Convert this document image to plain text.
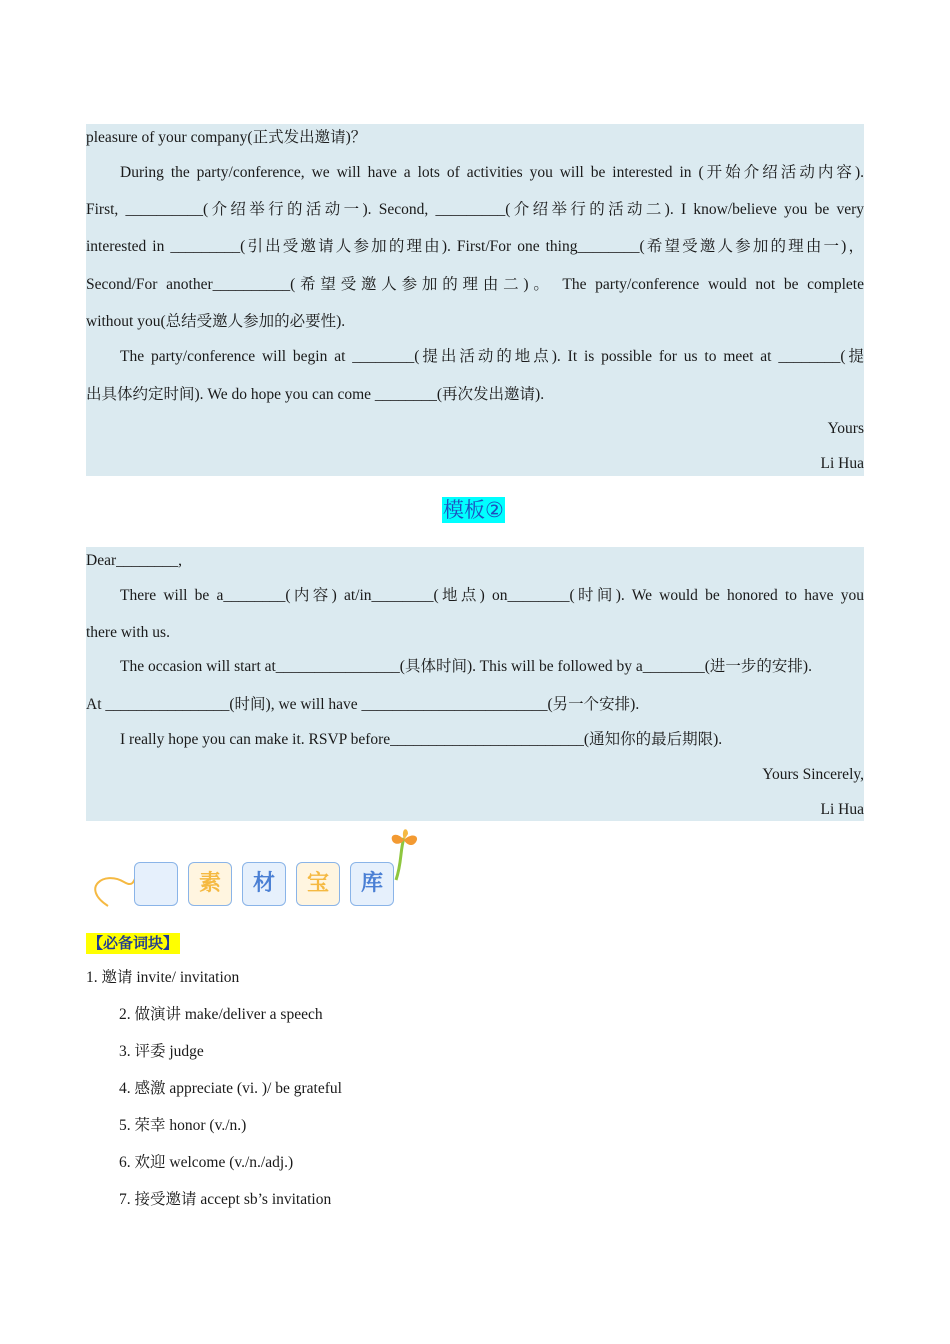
pleasure of your company(正式发出邀请)？
During the party/conference, we will have a lots of activities you will be interested in (开始介绍活动内容).
First, __________(介绍举行的活动一). Second, _________(介绍举行的活动二). I know/believe you be very
interested in _________(引出受邀请人参加的理由). First/For one thing________(希望受邀人参加的理由一)，
Second/For another__________(希望受邀人参加的理由二)。 The party/conference would not be complete
without you(总结受邀人参加的必要性).
The party/conference will begin at ________(提出活动的地点). It is possible for us to meet at ________(提
出具体约定时间). We do hope you can come ________(再次发出邀请).
Yours
Li Hua
模板②
Dear________,
There will be a________(内容) at/in________(地点) on________(时间). We would be honored to have you
there with us.
The occasion will start at________________(具体时间). This will be followed by a________(进一步的安排).
At ________________(时间), we will have ________________________(另一个安排).
I really hope you can make it. RSVP before_________________________(通知你的最后期限).
Yours Sincerely,
Li Hua
素	材	宝	库
【必备词块】
1. 邀请 invite/ invitation
2. 做演讲 make/deliver a speech
3. 评委 judge
4. 感激 appreciate (vi. )/ be grateful
5. 荣幸 honor (v./n.)
6. 欢迎 welcome (v./n./adj.)
7. 接受邀请 accept sb’s invitation
